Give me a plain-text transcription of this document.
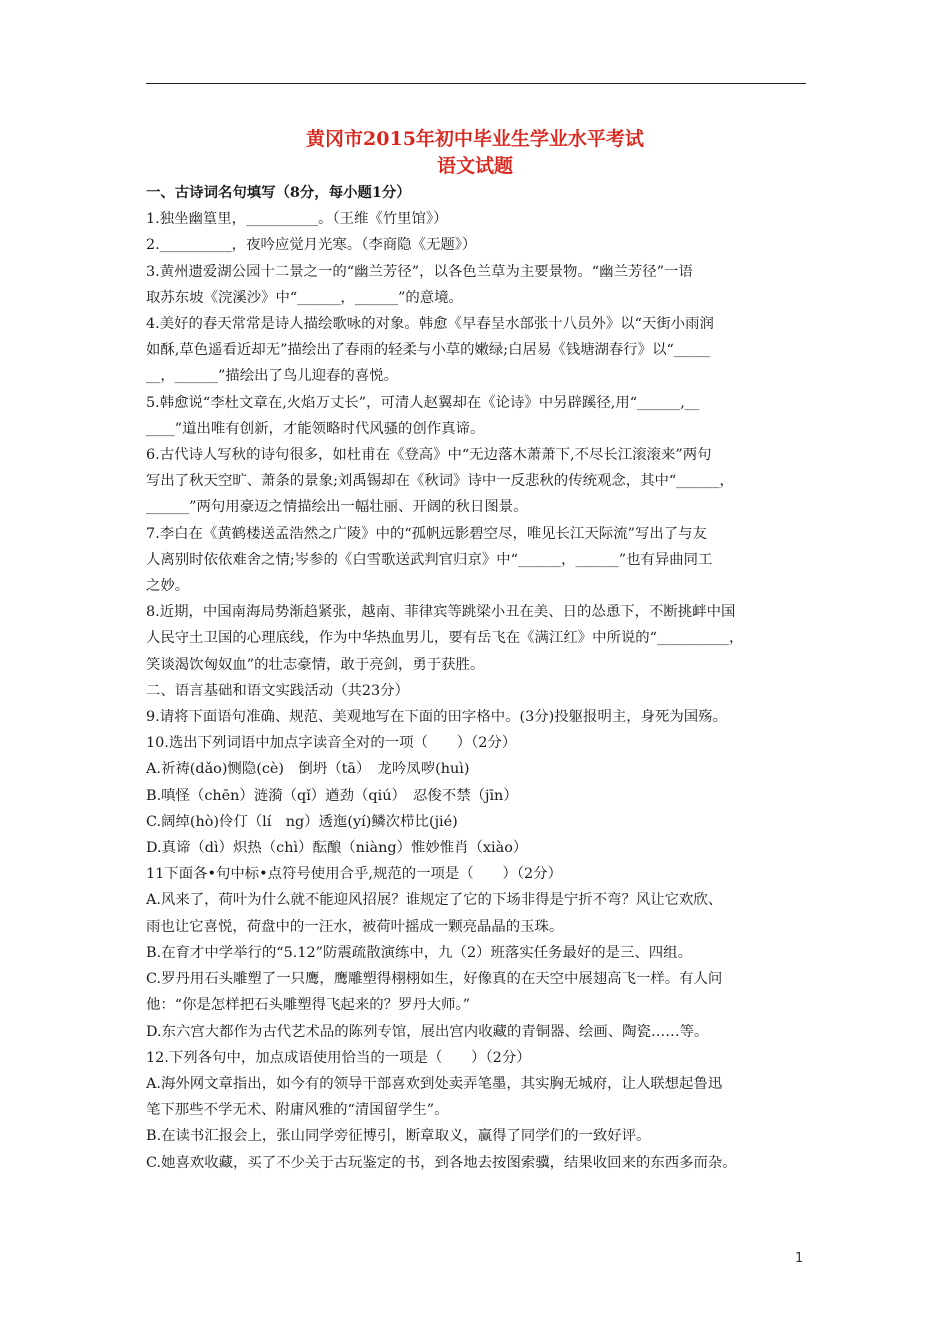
黄冈市2015年初中毕业生学业水平考试
语文试题

一、古诗词名句填写（8分，每小题1分）

1.独坐幽篁里，__________。（王维《竹里馆》）

2.__________，夜吟应觉月光寒。（李商隐《无题》）

3.黄州遗爱湖公园十二景之一的“幽兰芳径”，以各色兰草为主要景物。“幽兰芳径”一语

取苏东坡《浣溪沙》中“______，______”的意境。

4.美好的春天常常是诗人描绘歌咏的对象。韩愈《早春呈水部张十八员外》以“天街小雨润

如酥,草色遥看近却无”描绘出了春雨的轻柔与小草的嫩绿;白居易《钱塘湖春行》以“_____

__，______”描绘出了鸟儿迎春的喜悦。

5.韩愈说“李杜文章在,火焰万丈长”，可清人赵翼却在《论诗》中另辟蹊径,用“______,__

____”道出唯有创新，才能领略时代风骚的创作真谛。

6.古代诗人写秋的诗句很多，如杜甫在《登高》中“无边落木萧萧下,不尽长江滚滚来”两句

写出了秋天空旷、萧条的景象;刘禹锡却在《秋词》诗中一反悲秋的传统观念，其中“______，

______”两句用豪迈之情描绘出一幅壮丽、开阔的秋日图景。

7.李白在《黄鹤楼送孟浩然之广陵》中的“孤帆远影碧空尽，唯见长江天际流”写出了与友

人离别时依依难舍之情;岑参的《白雪歌送武判官归京》中“______，______”也有异曲同工

之妙。

8.近期，中国南海局势渐趋紧张，越南、菲律宾等跳梁小丑在美、日的怂恿下，不断挑衅中国

人民守土卫国的心理底线，作为中华热血男儿，要有岳飞在《满江红》中所说的“__________，

笑谈渴饮匈奴血”的壮志豪情，敢于亮剑，勇于获胜。

二、语言基础和语文实践活动（共23分）

9.请将下面语句准确、规范、美观地写在下面的田字格中。(3分)投躯报明主，身死为国殇。

10.选出下列词语中加点字读音全对的一项（　　）（2分）

A.祈祷(dǎo)恻隐(cè)　倒坍（tā）　龙吟凤哕(huì)

B.嗔怪（chēn）涟漪（qǐ）遒劲（qiú）　忍俊不禁（jīn）

C.阔绰(hò)伶仃（lí　ng）透迤(yí)鳞次栉比(jié)

D.真谛（dì）炽热（chì）酝酿（niàng）惟妙惟肖（xiào）

11下面各•句中标•点符号使用合乎,规范的一项是（　　）（2分）

A.风来了，荷叶为什么就不能迎风招展？谁规定了它的下场非得是宁折不弯？风让它欢欣、

雨也让它喜悦，荷盘中的一汪水，被荷叶摇成一颗亮晶晶的玉珠。

B.在育才中学举行的“5.12”防震疏散演练中，九（2）班落实任务最好的是三、四组。

C.罗丹用石头雕塑了一只鹰，鹰雕塑得栩栩如生，好像真的在天空中展翅高飞一样。有人问

他：“你是怎样把石头雕塑得飞起来的？罗丹大师。”

D.东六宫大都作为古代艺术品的陈列专馆，展出宫内收藏的青铜器、绘画、陶瓷……等。

12.下列各句中，加点成语使用恰当的一项是（　　）（2分）

A.海外网文章指出，如今有的领导干部喜欢到处卖弄笔墨，其实胸无城府，让人联想起鲁迅

笔下那些不学无术、附庸风雅的“清国留学生”。

B.在读书汇报会上，张山同学旁征博引，断章取义，赢得了同学们的一致好评。

C.她喜欢收藏，买了不少关于古玩鉴定的书，到各地去按图索骥，结果收回来的东西多而杂。

1
